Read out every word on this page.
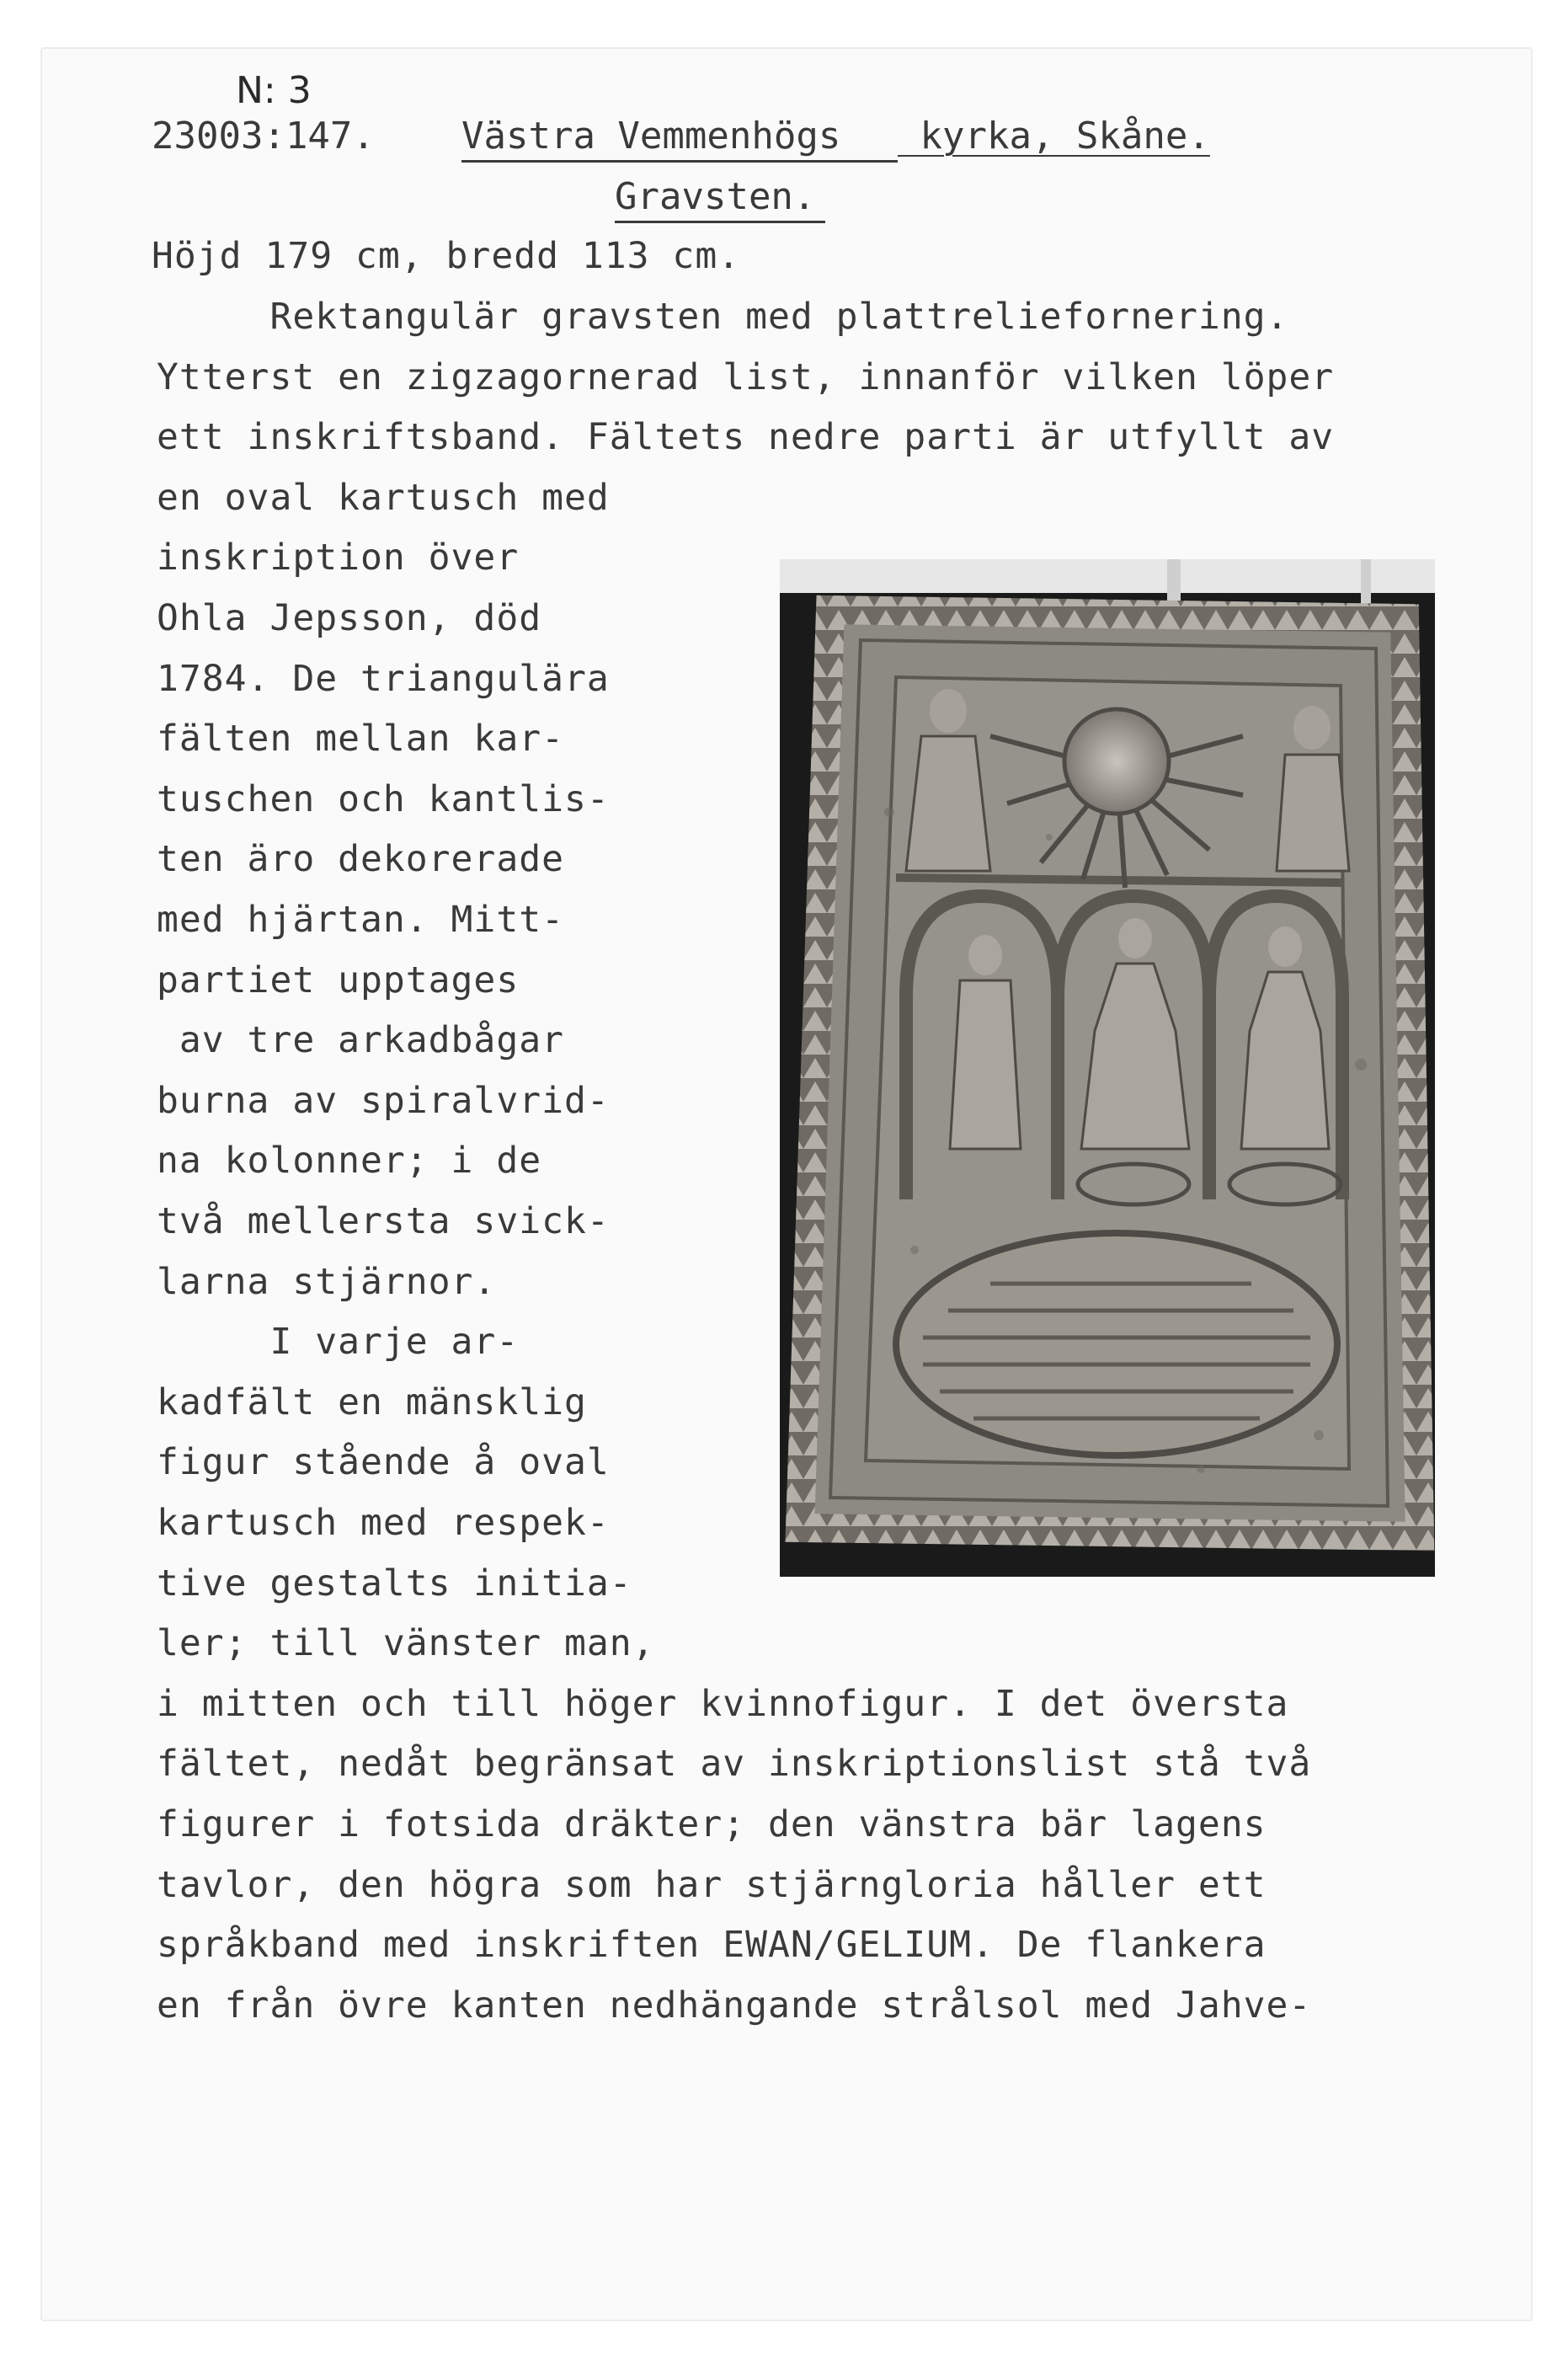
N: 3
23003:147. Västra Vemmenhögs kyrka, Skåne.
Gravsten.
Höjd 179 cm, bredd 113 cm.
Rektangulär gravsten med plattreliefornering.
Ytterst en zigzagornerad list, innanför vilken löper
ett inskriftsband. Fältets nedre parti är utfyllt av
en oval kartusch med
inskription över
Ohla Jepsson, död
1784. De triangulära
fälten mellan kar-
tuschen och kantlis-
ten äro dekorerade
med hjärtan. Mitt-
partiet upptages
av tre arkadbågar
burna av spiralvrid-
na kolonner; i de
två mellersta svick-
larna stjärnor.
I varje ar-
kadfält en mänsklig
figur stående å oval
kartusch med respek-
tive gestalts initia-
ler; till vänster man,
i mitten och till höger kvinnofigur. I det översta
fältet, nedåt begränsat av inskriptionslist stå två
figurer i fotsida dräkter; den vänstra bär lagens
tavlor, den högra som har stjärngloria håller ett
språkband med inskriften EWAN/GELIUM. De flankera
en från övre kanten nedhängande strålsol med Jahve-
